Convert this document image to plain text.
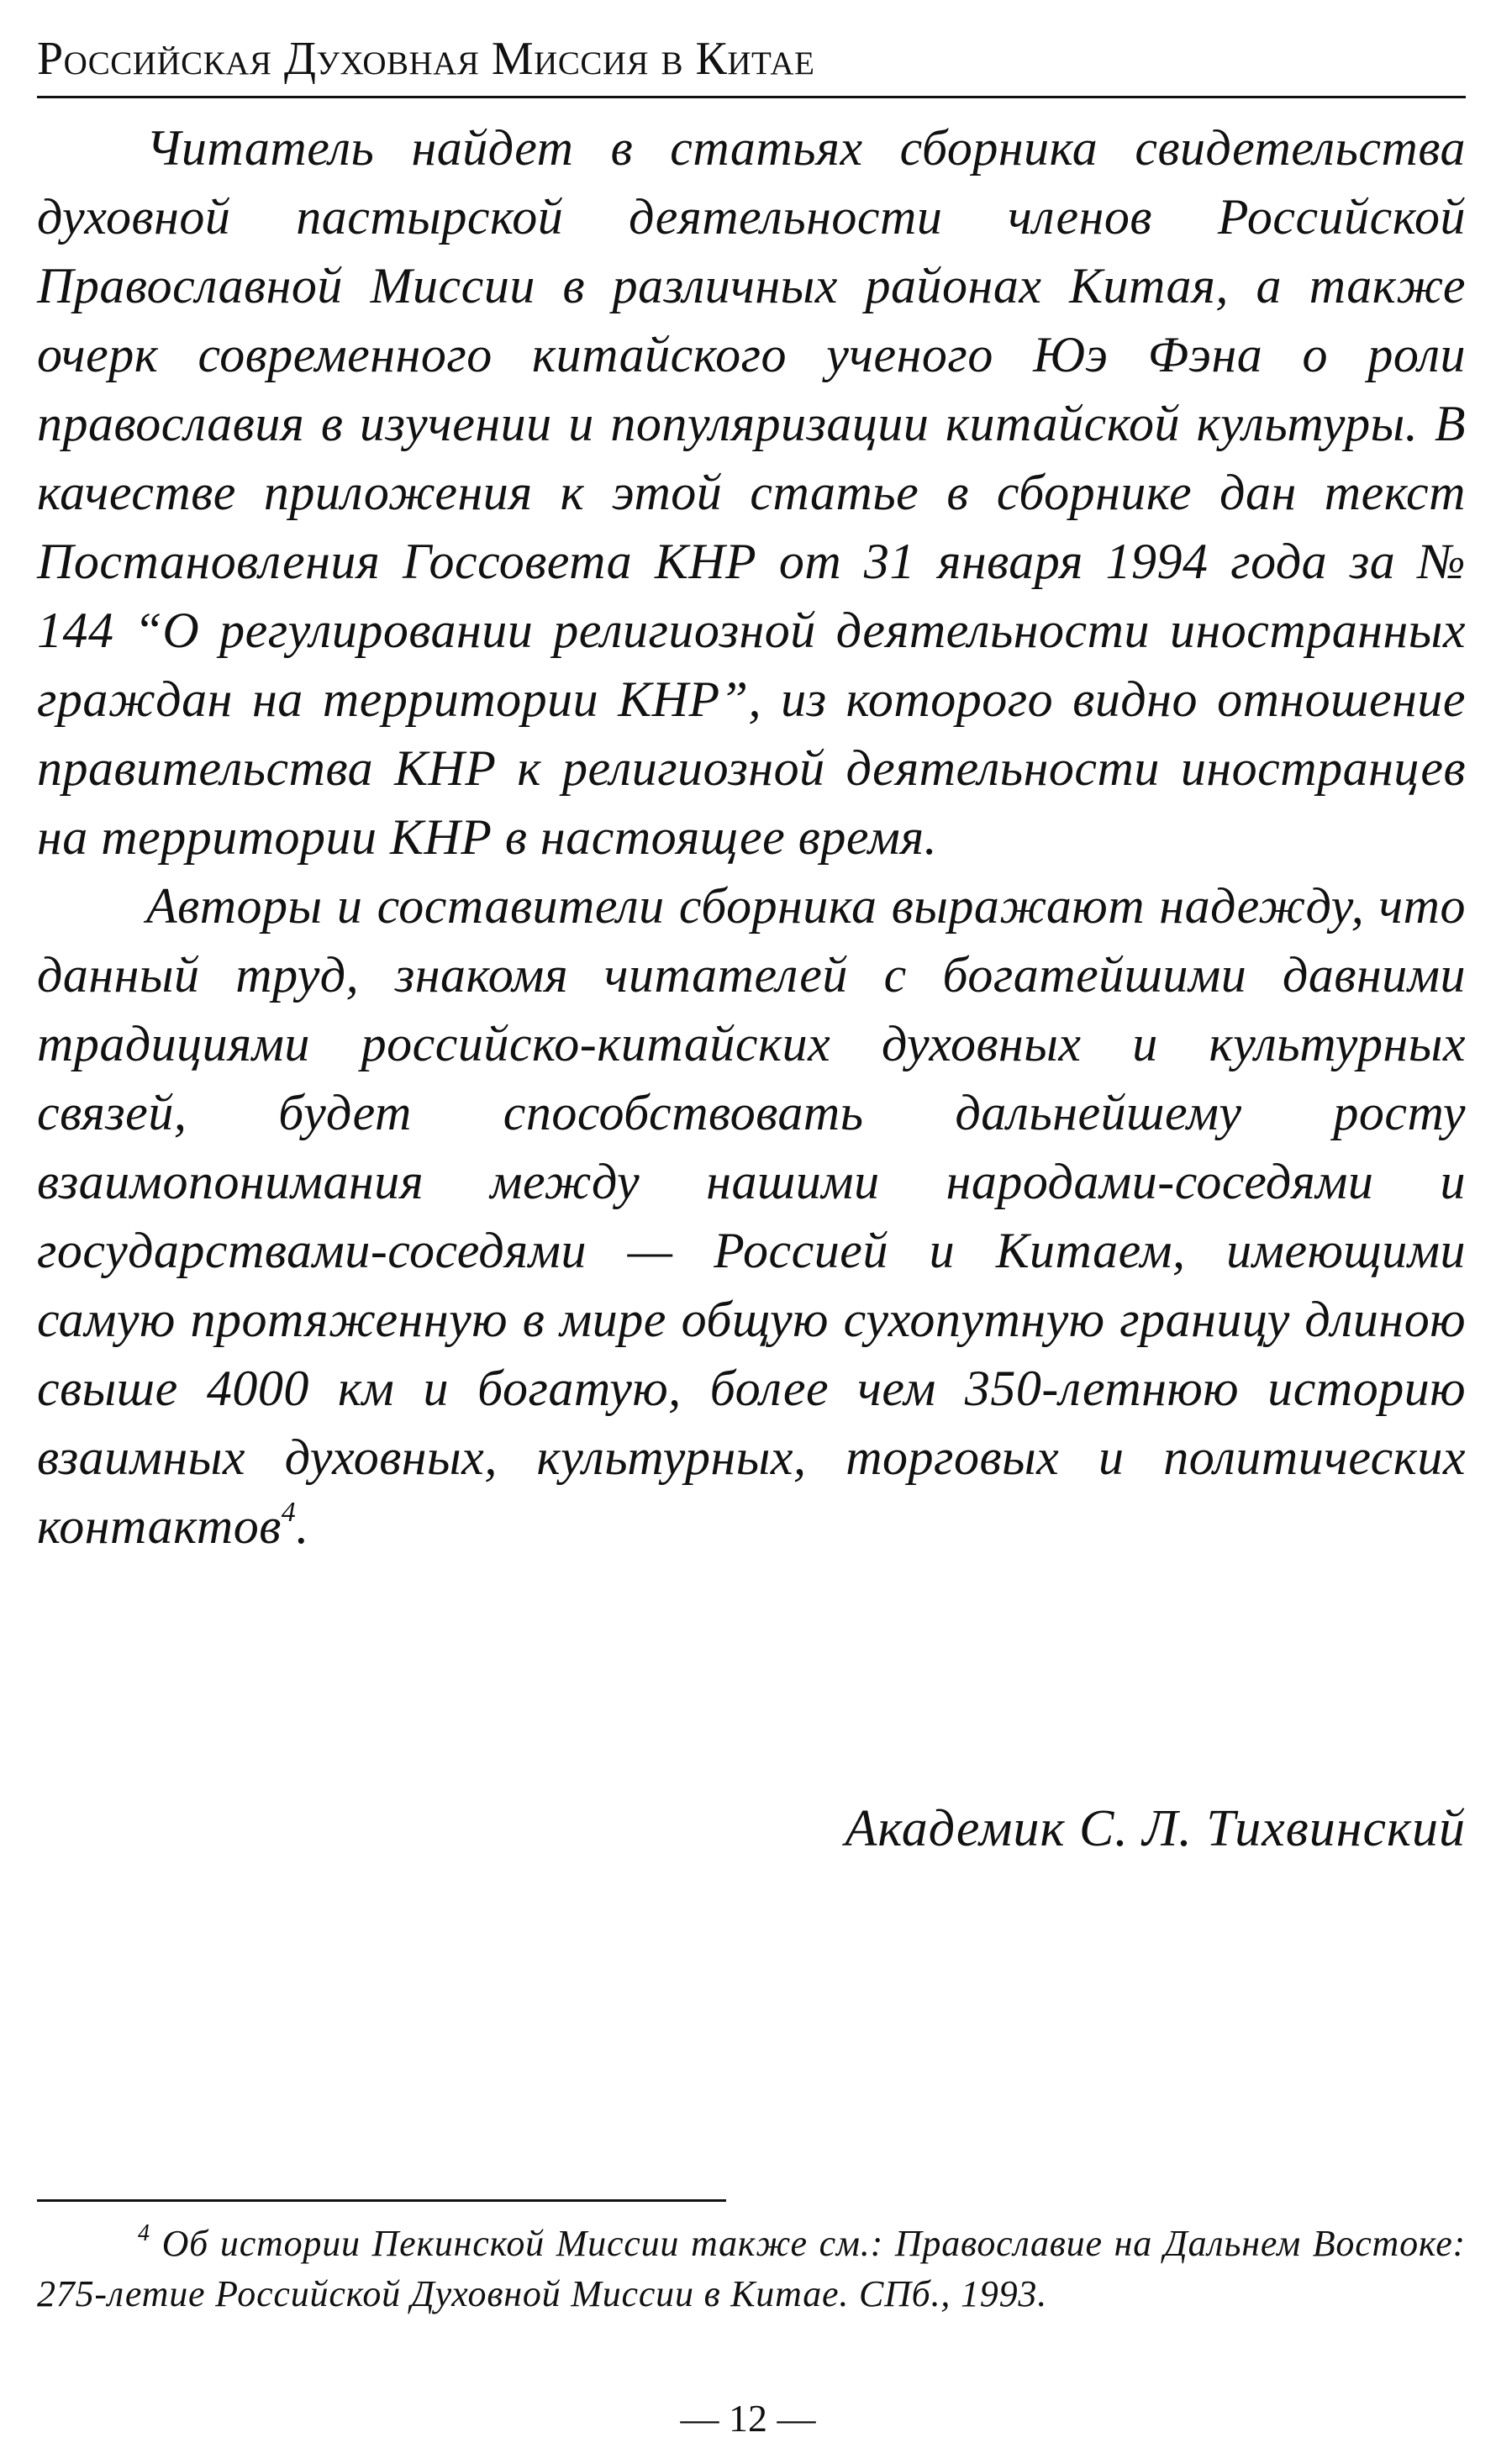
Российская Духовная Миссия в Китае

Читатель найдет в статьях сборника свидетельства духовной пастырской деятельности членов Российской Православной Миссии в различных районах Китая, а также очерк современного китайского ученого Юэ Фэна о роли православия в изучении и популяризации китайской культуры. В качестве приложения к этой статье в сборнике дан текст Постановления Госсовета КНР от 31 января 1994 года за № 144 “О регулировании религиозной деятельности иностранных граждан на территории КНР”, из которого видно отношение правительства КНР к религиозной деятельности иностранцев на территории КНР в настоящее время.

Авторы и составители сборника выражают надежду, что данный труд, знакомя читателей с богатейшими давними традициями российско-китайских духовных и культурных связей, будет способствовать дальнейшему росту взаимопонимания между нашими народами-соседями и государствами-соседями — Россией и Китаем, имеющими самую протяженную в мире общую сухопутную границу длиною свыше 4000 км и богатую, более чем 350-летнюю историю взаимных духовных, культурных, торговых и политических контактов$^4$.

Академик С. Л. Тихвинский

$^4$ Об истории Пекинской Миссии также см.: Православие на Дальнем Востоке: 275-летие Российской Духовной Миссии в Китае. СПб., 1993.

— 12 —
